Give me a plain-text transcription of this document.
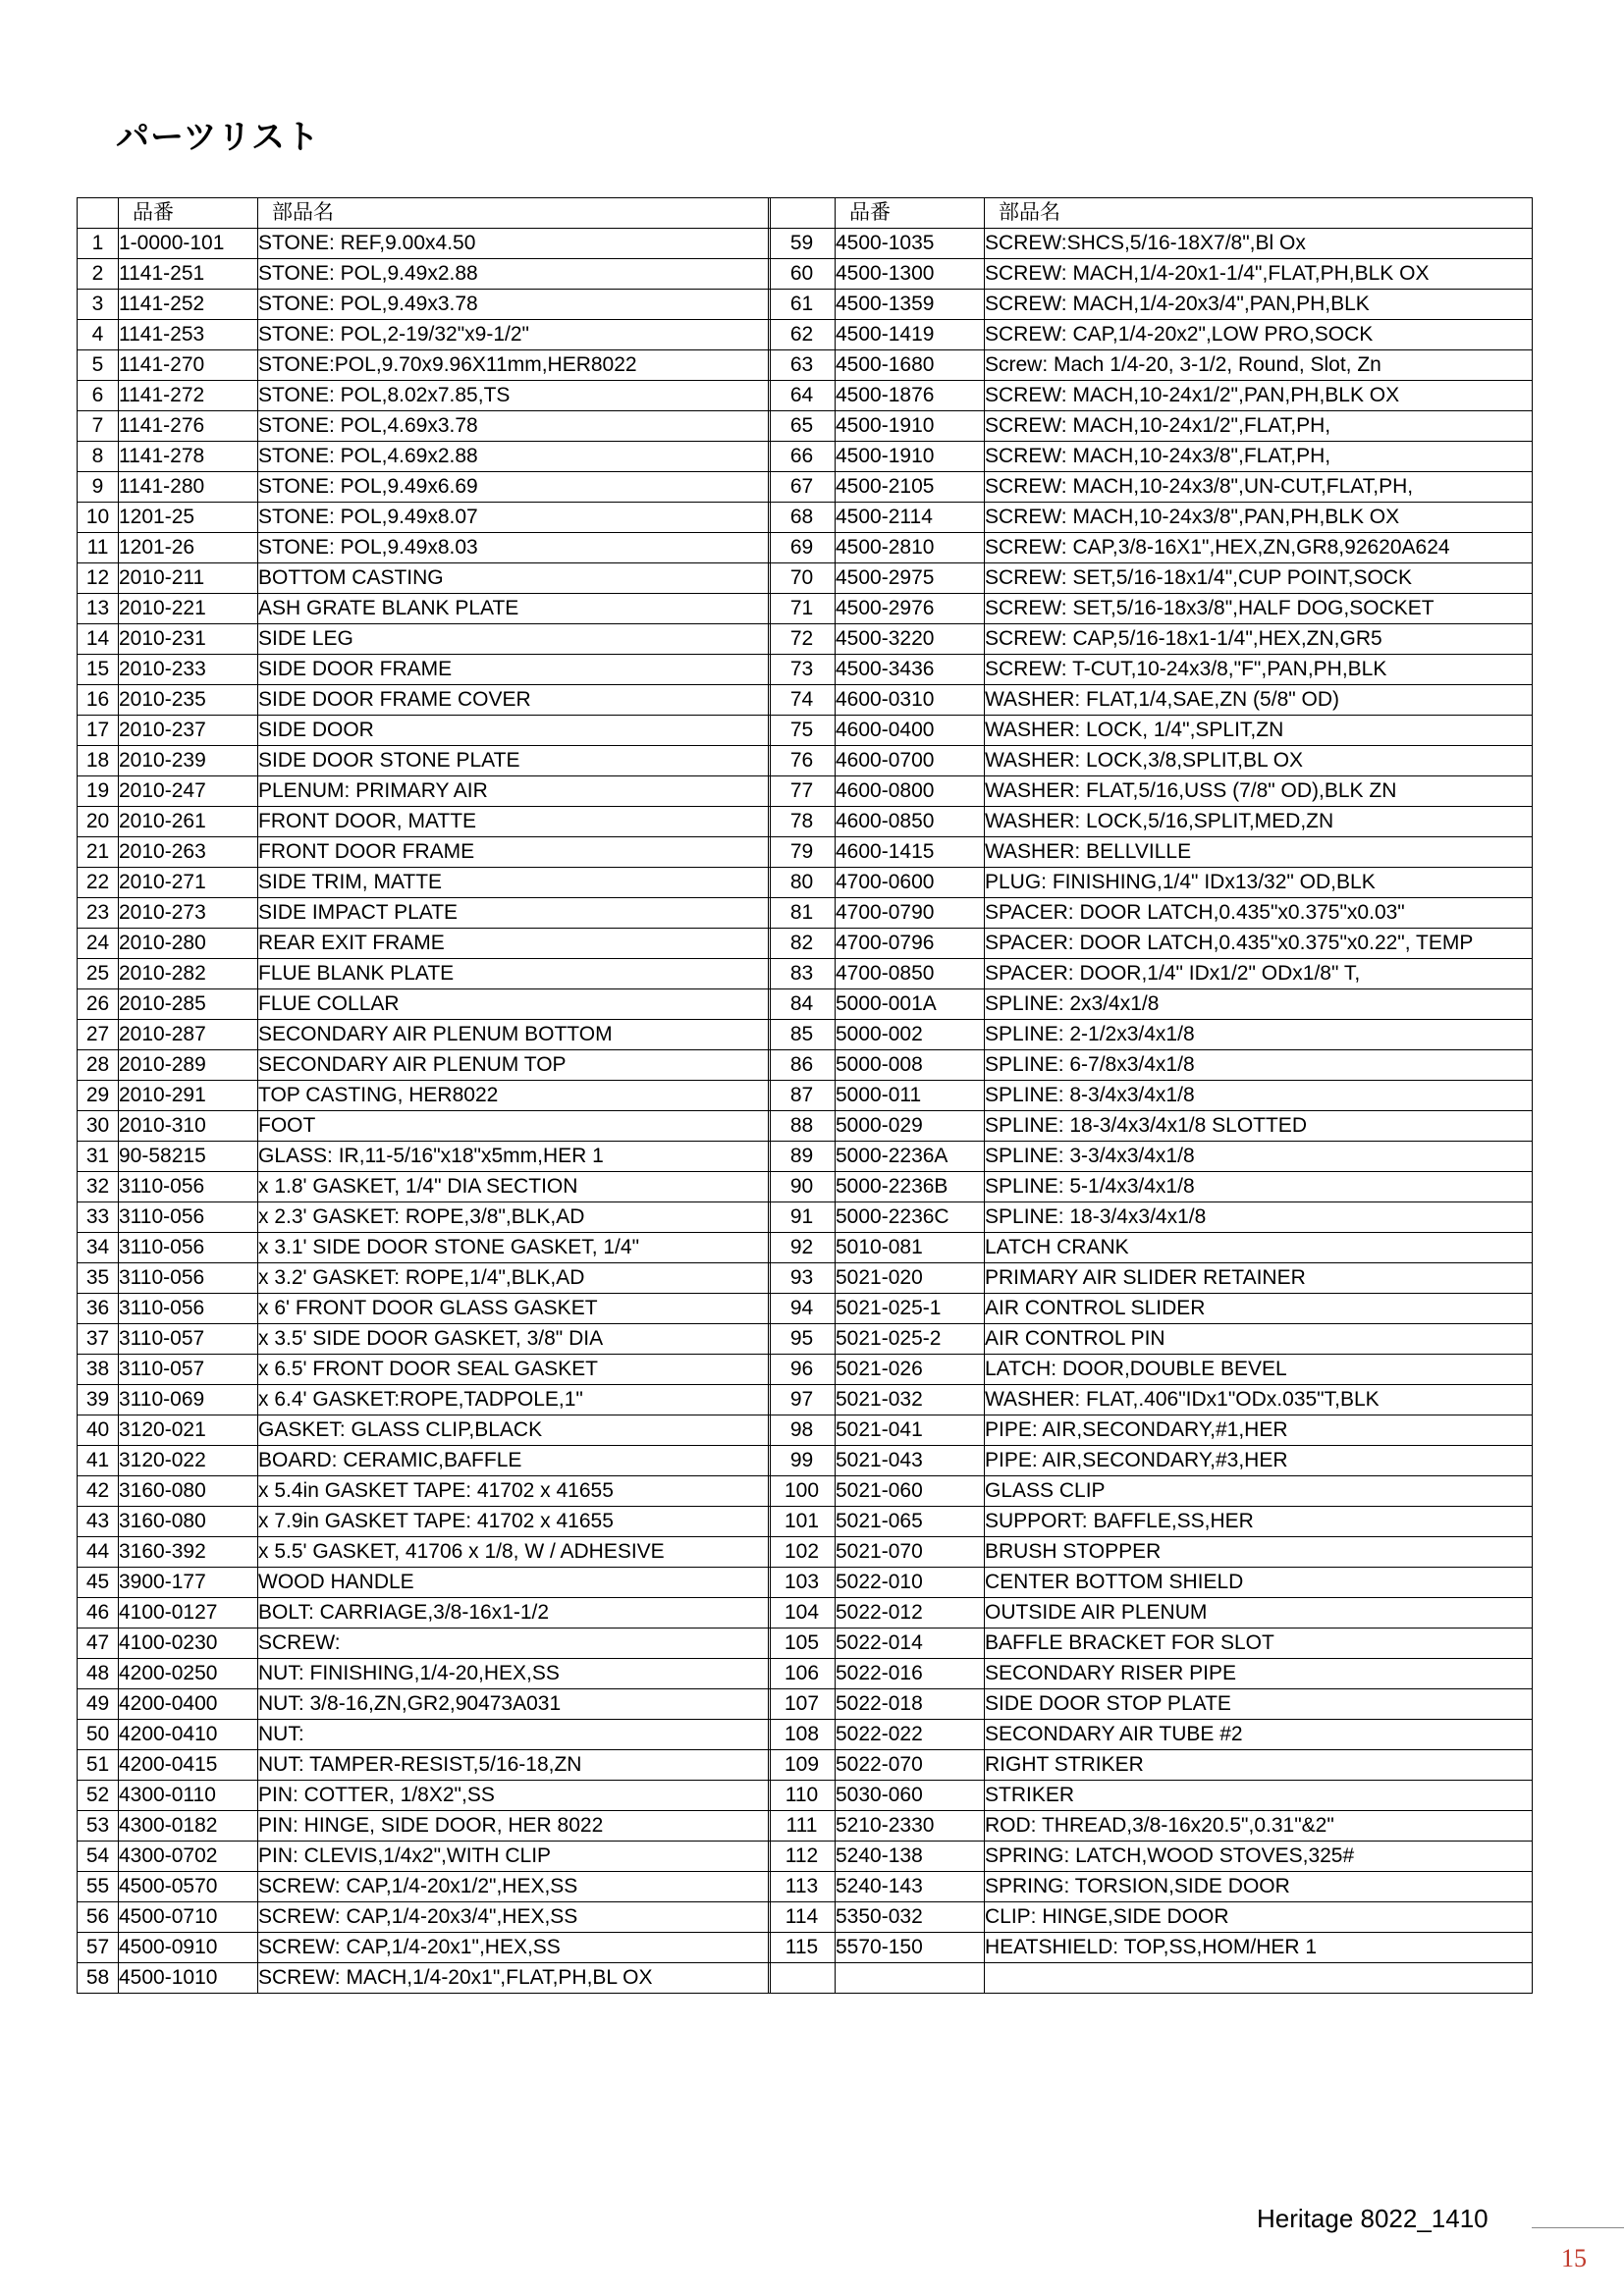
パーツリスト
	品番	部品名
1	1-0000-101	STONE: REF,9.00x4.50
2	1141-251	STONE: POL,9.49x2.88
3	1141-252	STONE: POL,9.49x3.78
4	1141-253	STONE: POL,2-19/32"x9-1/2"
5	1141-270	STONE:POL,9.70x9.96X11mm,HER8022
6	1141-272	STONE: POL,8.02x7.85,TS
7	1141-276	STONE: POL,4.69x3.78
8	1141-278	STONE: POL,4.69x2.88
9	1141-280	STONE: POL,9.49x6.69
10	1201-25	STONE: POL,9.49x8.07
11	1201-26	STONE: POL,9.49x8.03
12	2010-211	BOTTOM CASTING
13	2010-221	ASH GRATE BLANK PLATE
14	2010-231	SIDE LEG
15	2010-233	SIDE DOOR FRAME
16	2010-235	SIDE DOOR FRAME COVER
17	2010-237	SIDE DOOR
18	2010-239	SIDE DOOR STONE PLATE
19	2010-247	PLENUM: PRIMARY AIR
20	2010-261	FRONT DOOR, MATTE
21	2010-263	FRONT DOOR FRAME
22	2010-271	SIDE TRIM, MATTE
23	2010-273	SIDE IMPACT PLATE
24	2010-280	REAR EXIT FRAME
25	2010-282	FLUE BLANK PLATE
26	2010-285	FLUE COLLAR
27	2010-287	SECONDARY AIR PLENUM BOTTOM
28	2010-289	SECONDARY AIR PLENUM TOP
29	2010-291	TOP CASTING, HER8022
30	2010-310	FOOT
31	90-58215	GLASS: IR,11-5/16"x18"x5mm,HER 1
32	3110-056	x 1.8' GASKET, 1/4" DIA SECTION
33	3110-056	x 2.3' GASKET: ROPE,3/8",BLK,AD
34	3110-056	x 3.1' SIDE DOOR STONE GASKET, 1/4"
35	3110-056	x 3.2' GASKET: ROPE,1/4",BLK,AD
36	3110-056	x 6' FRONT DOOR GLASS GASKET
37	3110-057	x 3.5' SIDE DOOR GASKET, 3/8" DIA
38	3110-057	x 6.5' FRONT DOOR SEAL GASKET
39	3110-069	x 6.4' GASKET:ROPE,TADPOLE,1"
40	3120-021	GASKET: GLASS CLIP,BLACK
41	3120-022	BOARD: CERAMIC,BAFFLE
42	3160-080	x 5.4in GASKET TAPE: 41702 x 41655
43	3160-080	x 7.9in GASKET TAPE: 41702 x 41655
44	3160-392	x 5.5' GASKET, 41706 x 1/8, W / ADHESIVE
45	3900-177	WOOD HANDLE
46	4100-0127	BOLT: CARRIAGE,3/8-16x1-1/2
47	4100-0230	SCREW:
48	4200-0250	NUT: FINISHING,1/4-20,HEX,SS
49	4200-0400	NUT: 3/8-16,ZN,GR2,90473A031
50	4200-0410	NUT:
51	4200-0415	NUT: TAMPER-RESIST,5/16-18,ZN
52	4300-0110	PIN: COTTER, 1/8X2",SS
53	4300-0182	PIN: HINGE, SIDE DOOR, HER 8022
54	4300-0702	PIN: CLEVIS,1/4x2",WITH CLIP
55	4500-0570	SCREW: CAP,1/4-20x1/2",HEX,SS
56	4500-0710	SCREW: CAP,1/4-20x3/4",HEX,SS
57	4500-0910	SCREW: CAP,1/4-20x1",HEX,SS
58	4500-1010	SCREW: MACH,1/4-20x1",FLAT,PH,BL OX
	品番	部品名
59	4500-1035	SCREW:SHCS,5/16-18X7/8",Bl Ox
60	4500-1300	SCREW: MACH,1/4-20x1-1/4",FLAT,PH,BLK OX
61	4500-1359	SCREW: MACH,1/4-20x3/4",PAN,PH,BLK
62	4500-1419	SCREW: CAP,1/4-20x2",LOW PRO,SOCK
63	4500-1680	Screw: Mach 1/4-20, 3-1/2, Round, Slot, Zn
64	4500-1876	SCREW: MACH,10-24x1/2",PAN,PH,BLK OX
65	4500-1910	SCREW: MACH,10-24x1/2",FLAT,PH,
66	4500-1910	SCREW: MACH,10-24x3/8",FLAT,PH,
67	4500-2105	SCREW: MACH,10-24x3/8",UN-CUT,FLAT,PH,
68	4500-2114	SCREW: MACH,10-24x3/8",PAN,PH,BLK OX
69	4500-2810	SCREW: CAP,3/8-16X1",HEX,ZN,GR8,92620A624
70	4500-2975	SCREW: SET,5/16-18x1/4",CUP POINT,SOCK
71	4500-2976	SCREW: SET,5/16-18x3/8",HALF DOG,SOCKET
72	4500-3220	SCREW: CAP,5/16-18x1-1/4",HEX,ZN,GR5
73	4500-3436	SCREW: T-CUT,10-24x3/8,"F",PAN,PH,BLK
74	4600-0310	WASHER: FLAT,1/4,SAE,ZN (5/8" OD)
75	4600-0400	WASHER: LOCK, 1/4",SPLIT,ZN
76	4600-0700	WASHER: LOCK,3/8,SPLIT,BL OX
77	4600-0800	WASHER: FLAT,5/16,USS (7/8" OD),BLK ZN
78	4600-0850	WASHER: LOCK,5/16,SPLIT,MED,ZN
79	4600-1415	WASHER: BELLVILLE
80	4700-0600	PLUG: FINISHING,1/4" IDx13/32" OD,BLK
81	4700-0790	SPACER: DOOR LATCH,0.435"x0.375"x0.03"
82	4700-0796	SPACER: DOOR LATCH,0.435"x0.375"x0.22", TEMP
83	4700-0850	SPACER: DOOR,1/4" IDx1/2" ODx1/8" T,
84	5000-001A	SPLINE: 2x3/4x1/8
85	5000-002	SPLINE: 2-1/2x3/4x1/8
86	5000-008	SPLINE: 6-7/8x3/4x1/8
87	5000-011	SPLINE: 8-3/4x3/4x1/8
88	5000-029	SPLINE: 18-3/4x3/4x1/8 SLOTTED
89	5000-2236A	SPLINE: 3-3/4x3/4x1/8
90	5000-2236B	SPLINE: 5-1/4x3/4x1/8
91	5000-2236C	SPLINE: 18-3/4x3/4x1/8
92	5010-081	LATCH CRANK
93	5021-020	PRIMARY AIR SLIDER RETAINER
94	5021-025-1	AIR CONTROL SLIDER
95	5021-025-2	AIR CONTROL PIN
96	5021-026	LATCH: DOOR,DOUBLE BEVEL
97	5021-032	WASHER: FLAT,.406"IDx1"ODx.035"T,BLK
98	5021-041	PIPE: AIR,SECONDARY,#1,HER
99	5021-043	PIPE: AIR,SECONDARY,#3,HER
100	5021-060	GLASS CLIP
101	5021-065	SUPPORT: BAFFLE,SS,HER
102	5021-070	BRUSH STOPPER
103	5022-010	CENTER BOTTOM SHIELD
104	5022-012	OUTSIDE AIR PLENUM
105	5022-014	BAFFLE BRACKET FOR SLOT
106	5022-016	SECONDARY RISER PIPE
107	5022-018	SIDE DOOR STOP PLATE
108	5022-022	SECONDARY AIR TUBE #2
109	5022-070	RIGHT STRIKER
110	5030-060	STRIKER
111	5210-2330	ROD: THREAD,3/8-16x20.5",0.31"&2"
112	5240-138	SPRING: LATCH,WOOD STOVES,325#
113	5240-143	SPRING: TORSION,SIDE DOOR
114	5350-032	CLIP: HINGE,SIDE DOOR
115	5570-150	HEATSHIELD: TOP,SS,HOM/HER 1

Heritage 8022_1410
15
